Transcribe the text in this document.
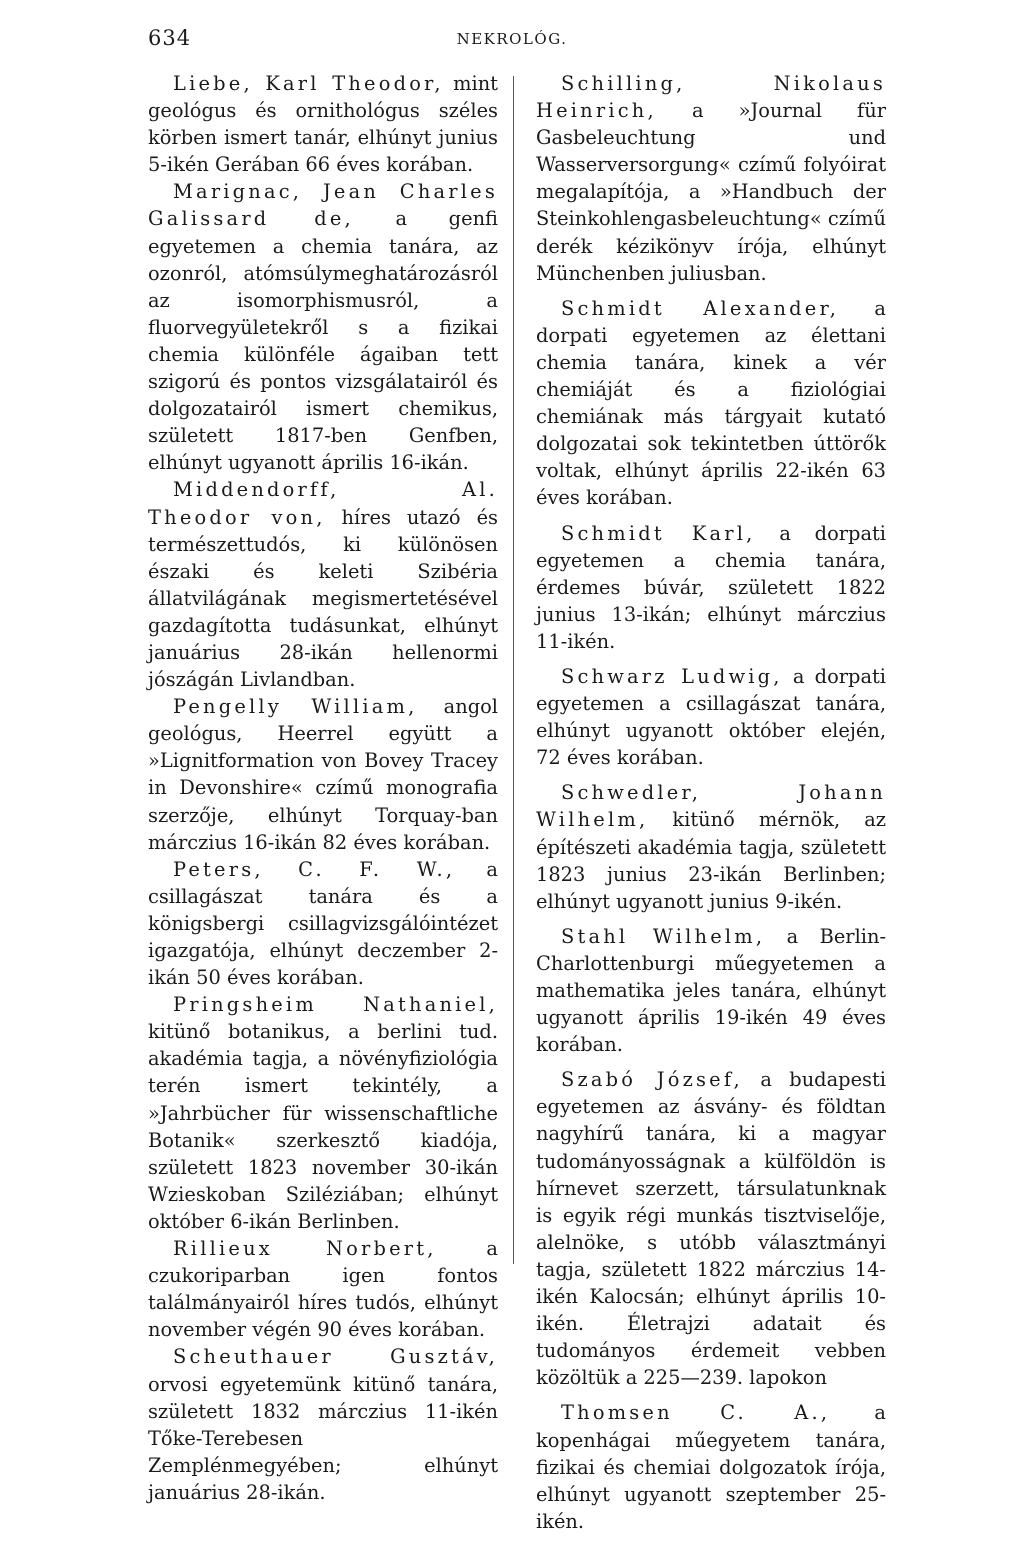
634	NEKROLÓG.

Liebe, Karl Theodor, mint geológus és ornithológus széles körben ismert tanár, elhúnyt junius 5-ikén Gerában 66 éves korában.

Marignac, Jean Charles Galissard de, a genfi egyetemen a chemia tanára, az ozonról, atómsúlymeghatározásról az isomorphismusról, a fluorvegyületekről s a fizikai chemia különféle ágaiban tett szigorú és pontos vizsgálatairól és dolgozatairól ismert chemikus, született 1817-ben Genfben, elhúnyt ugyanott április 16-ikán.

Middendorff, Al. Theodor von, híres utazó és természettudós, ki különösen északi és keleti Szibéria állatvilágának megismertetésével gazdagította tudásunkat, elhúnyt januárius 28-ikán hellenormi jószágán Livlandban.

Pengelly William, angol geológus, Heerrel együtt a »Lignitformation von Bovey Tracey in Devonshire« czímű monografia szerzője, elhúnyt Torquay-ban márczius 16-ikán 82 éves korában.

Peters, C. F. W., a csillagászat tanára és a königsbergi csillagvizsgálóintézet igazgatója, elhúnyt deczember 2-ikán 50 éves korában.

Pringsheim Nathaniel, kitünő botanikus, a berlini tud. akadémia tagja, a növényfiziológia terén ismert tekintély, a »Jahrbücher für wissenschaftliche Botanik« szerkesztő kiadója, született 1823 november 30-ikán Wzieskoban Sziléziában; elhúnyt október 6-ikán Berlinben.

Rillieux Norbert, a czukoriparban igen fontos találmányairól híres tudós, elhúnyt november végén 90 éves korában.

Scheuthauer Gusztáv, orvosi egyetemünk kitünő tanára, született 1832 márczius 11-ikén Tőke-Terebesen Zemplénmegyében; elhúnyt januárius 28-ikán.

Schilling, Nikolaus Heinrich, a »Journal für Gasbeleuchtung und Wasserversorgung« czímű folyóirat megalapítója, a »Handbuch der Steinkohlengasbeleuchtung« czímű derék kézikönyv írója, elhúnyt Münchenben juliusban.

Schmidt Alexander, a dorpati egyetemen az élettani chemia tanára, kinek a vér chemiáját és a fiziológiai chemiának más tárgyait kutató dolgozatai sok tekintetben úttörők voltak, elhúnyt április 22-ikén 63 éves korában.

Schmidt Karl, a dorpati egyetemen a chemia tanára, érdemes búvár, született 1822 junius 13-ikán; elhúnyt márczius 11-ikén.

Schwarz Ludwig, a dorpati egyetemen a csillagászat tanára, elhúnyt ugyanott október elején, 72 éves korában.

Schwedler, Johann Wilhelm, kitünő mérnök, az építészeti akadémia tagja, született 1823 junius 23-ikán Berlinben; elhúnyt ugyanott junius 9-ikén.

Stahl Wilhelm, a Berlin-Charlottenburgi műegyetemen a mathematika jeles tanára, elhúnyt ugyanott április 19-ikén 49 éves korában.

Szabó József, a budapesti egyetemen az ásvány- és földtan nagyhírű tanára, ki a magyar tudományosságnak a külföldön is hírnevet szerzett, társulatunknak is egyik régi munkás tisztviselője, alelnöke, s utóbb választmányi tagja, született 1822 márczius 14-ikén Kalocsán; elhúnyt április 10-ikén. Életrajzi adatait és tudományos érdemeit vebben közöltük a 225—239. lapokon

Thomsen C. A., a kopenhágai műegyetem tanára, fizikai és chemiai dolgozatok írója, elhúnyt ugyanott szeptember 25-ikén.
